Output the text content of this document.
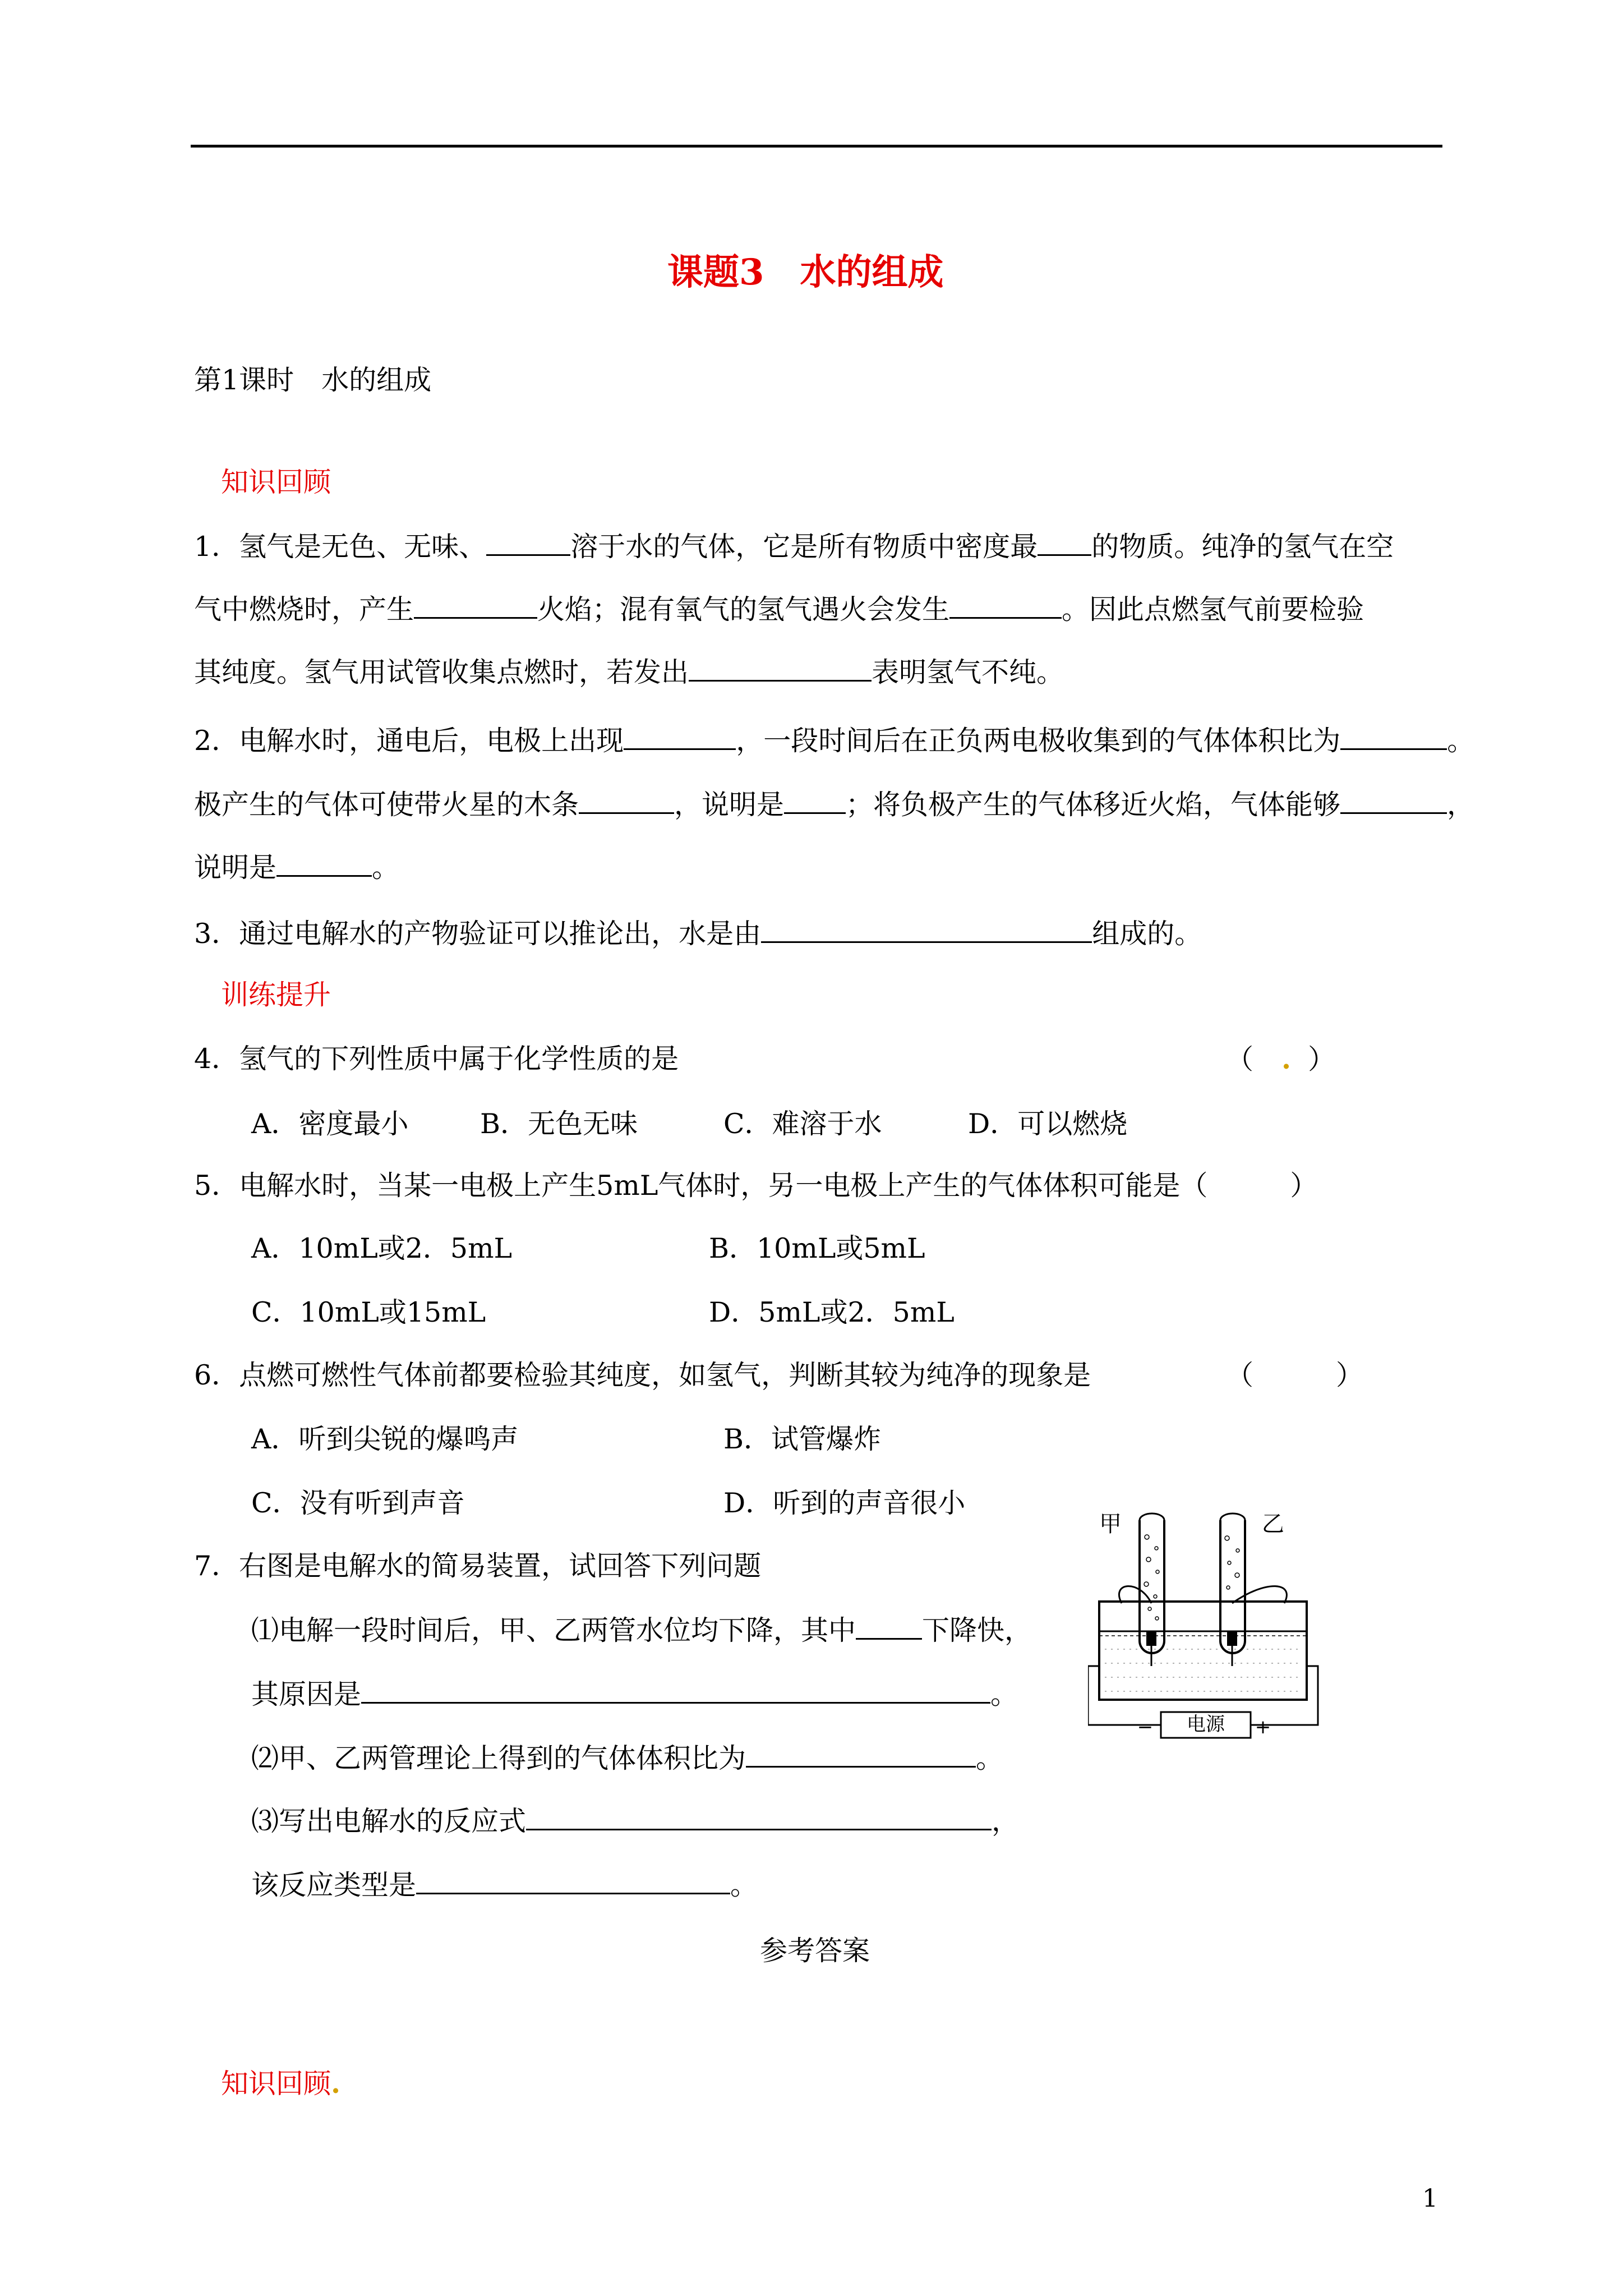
课题3　水的组成
第1课时　水的组成
知识回顾
1．氢气是无色、无味、	溶于水的气体，它是所有物质中密度最 的物质。纯净的氢气在空
气中燃烧时，产生	火焰；混有氧气的氢气遇火会发生	。因此点燃氢气前要检验
其纯度。氢气用试管收集点燃时，若发出	表明氢气不纯。
2．电解水时，通电后，电极上出现	，一段时间后在正负两电极收集到的气体体积比为	。
极产生的气体可使带火星的木条	，说明是 ；将负极产生的气体移近火焰，气体能够	，
说明是	。
3．通过电解水的产物验证可以推论出，水是由	组成的。
训练提升
4．氢气的下列性质中属于化学性质的是	（ . ）
A．密度最小	B．无色无味	C．难溶于水	D．可以燃烧
5．电解水时，当某一电极上产生5mL气体时，另一电极上产生的气体体积可能是（　　　）
A．10mL或2．5mL	B．10mL或5mL
C．10mL或15mL	D．5mL或2．5mL
6．点燃可燃性气体前都要检验其纯度，如氢气，判断其较为纯净的现象是	（　　　）
A．听到尖锐的爆鸣声	B．试管爆炸
C．没有听到声音	D．听到的声音很小
7．右图是电解水的简易装置，试回答下列问题
⑴电解一段时间后，甲、乙两管水位均下降，其中 下降快，
其原因是	。
⑵甲、乙两管理论上得到的气体体积比为	。
⑶写出电解水的反应式	，
该反应类型是	。
电源
−	+
甲	乙
参考答案
知识回顾.
1
